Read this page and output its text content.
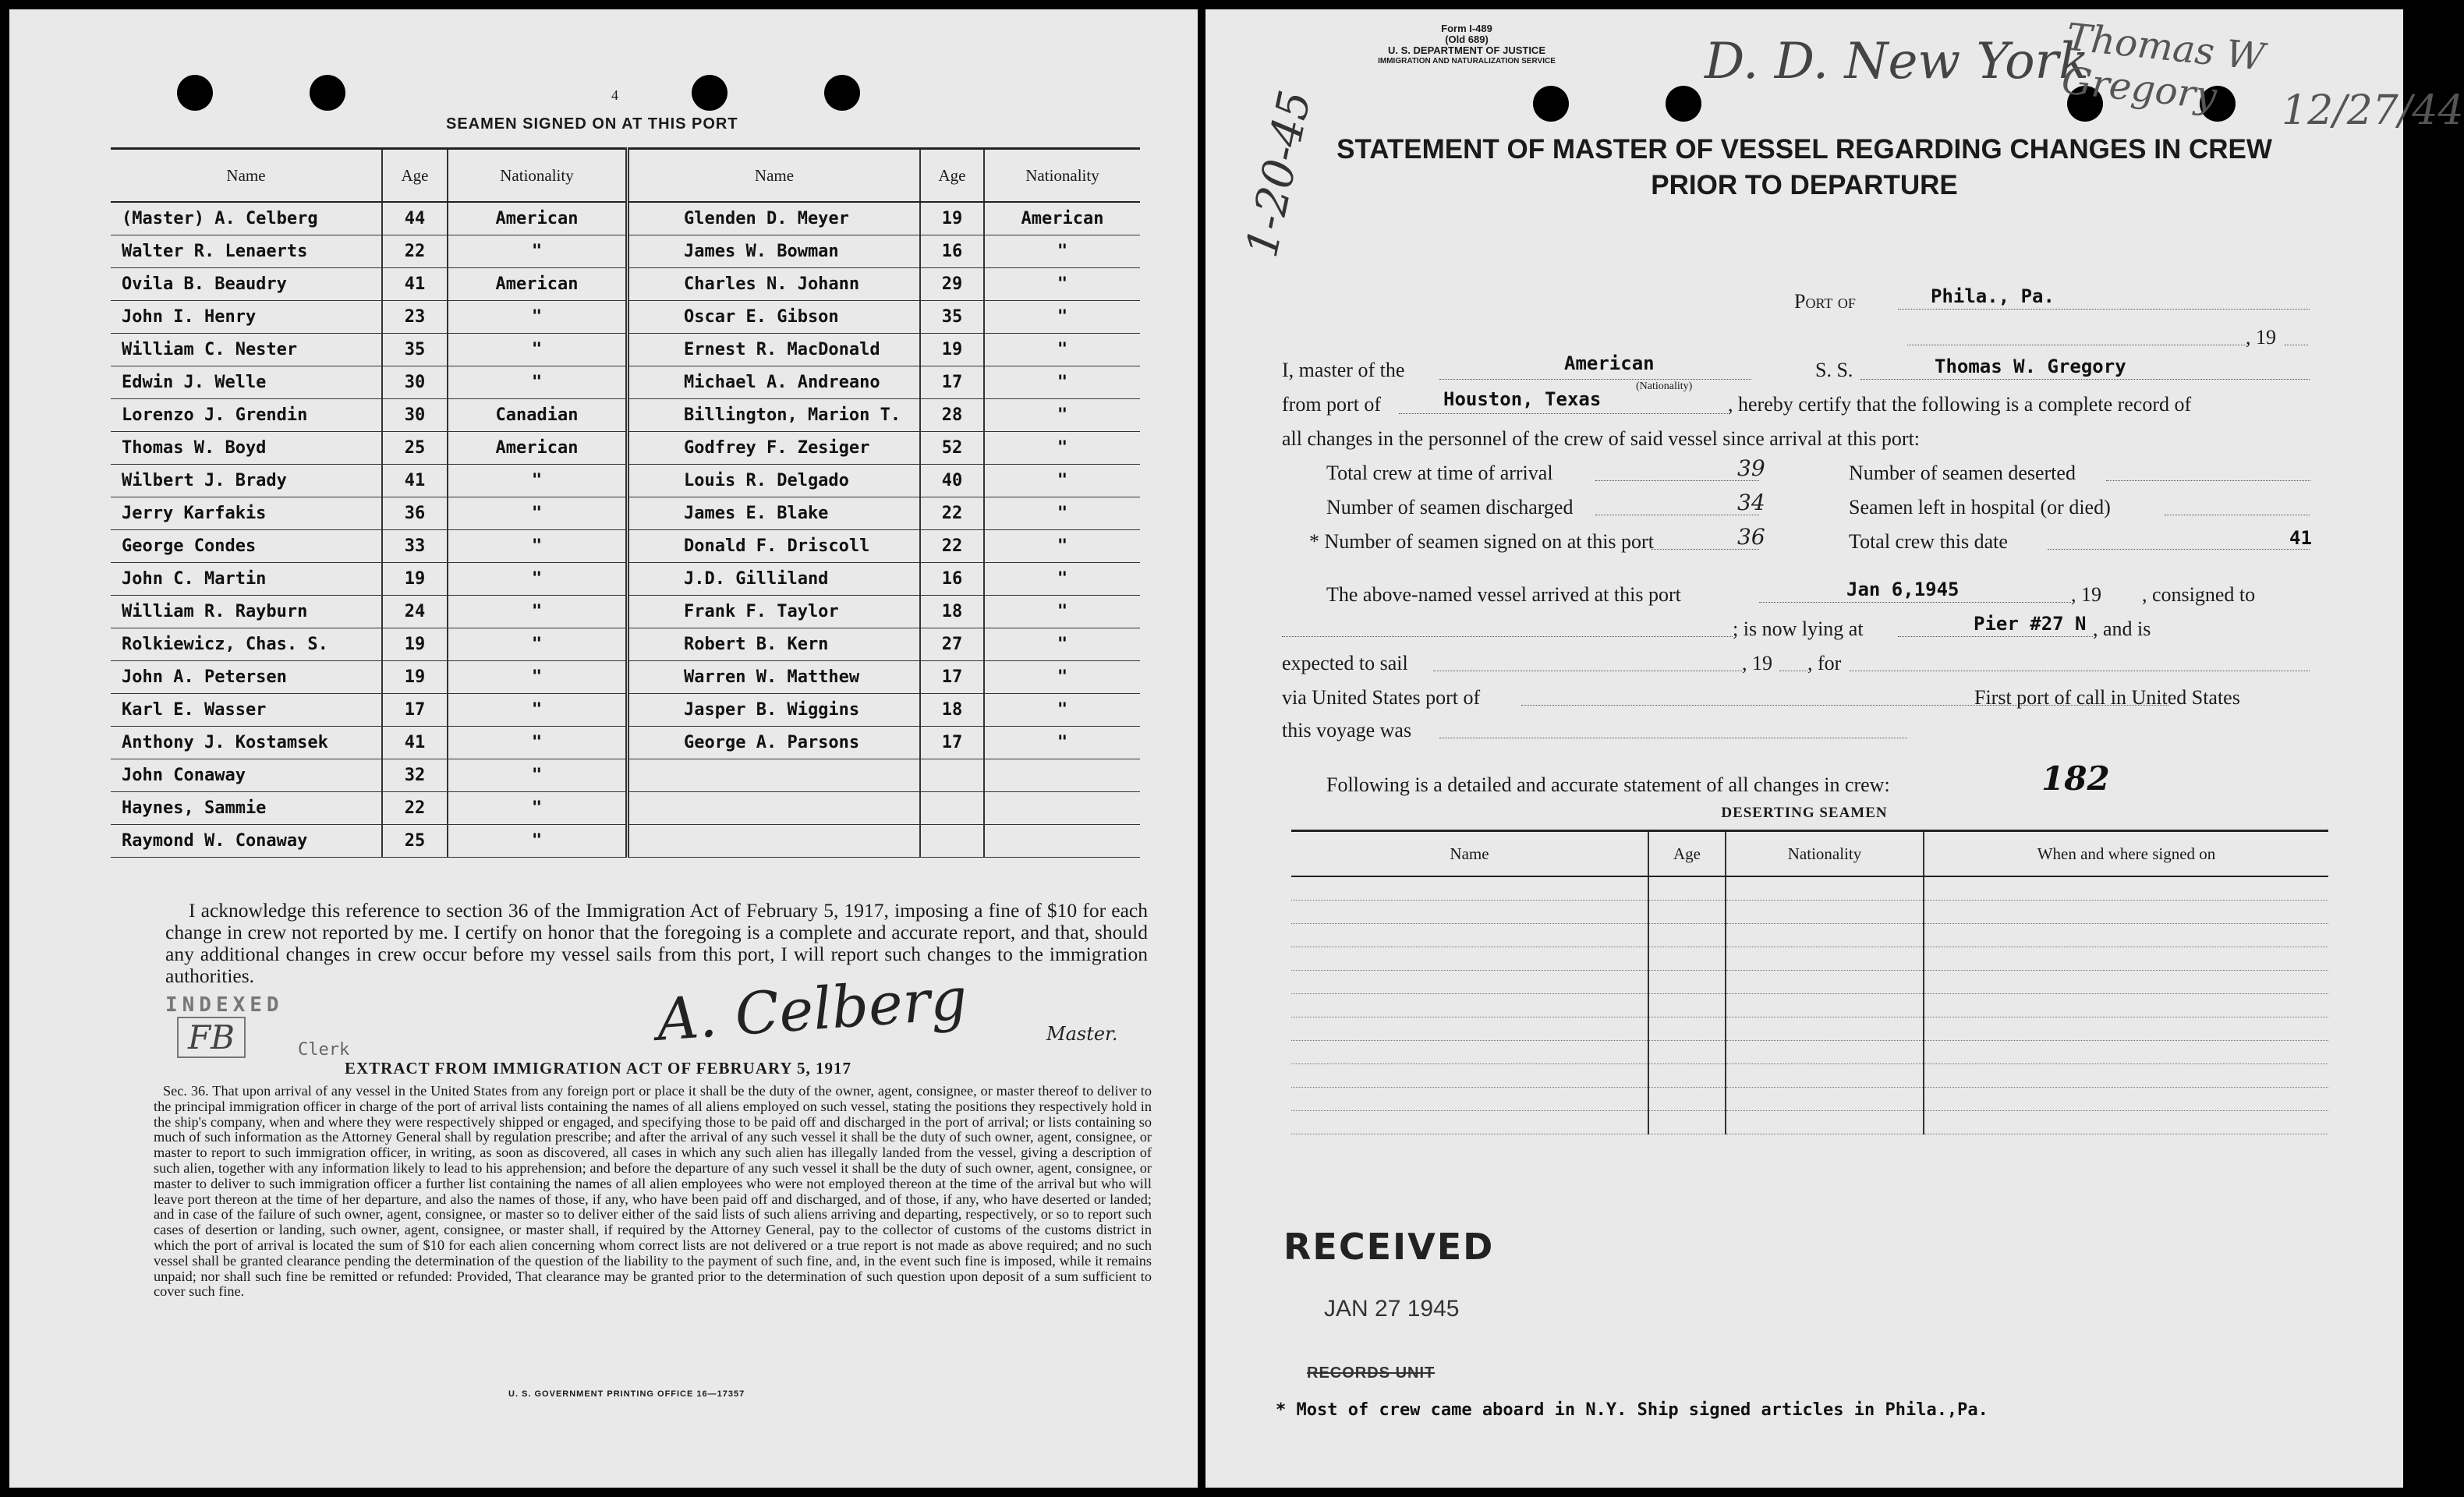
4
SEAMEN SIGNED ON AT THIS PORT
Name	Age	Nationality	Name	Age	Nationality
(Master) A. Celberg	44	American	Glenden D. Meyer	19	American
Walter R. Lenaerts	22	"	James W. Bowman	16	"
Ovila B. Beaudry	41	American	Charles N. Johann	29	"
John I. Henry	23	"	Oscar E. Gibson	35	"
William C. Nester	35	"	Ernest R. MacDonald	19	"
Edwin J. Welle	30	"	Michael A. Andreano	17	"
Lorenzo J. Grendin	30	Canadian	Billington, Marion T.	28	"
Thomas W. Boyd	25	American	Godfrey F. Zesiger	52	"
Wilbert J. Brady	41	"	Louis R. Delgado	40	"
Jerry Karfakis	36	"	James E. Blake	22	"
George Condes	33	"	Donald F. Driscoll	22	"
John C. Martin	19	"	J.D. Gilliland	16	"
William R. Rayburn	24	"	Frank F. Taylor	18	"
Rolkiewicz, Chas. S.	19	"	Robert B. Kern	27	"
John A. Petersen	19	"	Warren W. Matthew	17	"
Karl E. Wasser	17	"	Jasper B. Wiggins	18	"
Anthony J. Kostamsek	41	"	George A. Parsons	17	"
John Conaway	32	"			
Haynes, Sammie	22	"			
Raymond W. Conaway	25	"			
I acknowledge this reference to section 36 of the Immigration Act of February 5, 1917, imposing a fine of $10 for each change in crew not reported by me. I certify on honor that the foregoing is a complete and accurate report, and that, should any additional changes in crew occur before my vessel sails from this port, I will report such changes to the immigration authorities.
INDEXED
FB	Clerk	A. Celberg	Master.
EXTRACT FROM IMMIGRATION ACT OF FEBRUARY 5, 1917
Sec. 36. That upon arrival of any vessel in the United States from any foreign port or place it shall be the duty of the owner, agent, consignee, or master thereof to deliver to the principal immigration officer in charge of the port of arrival lists containing the names of all aliens employed on such vessel, stating the positions they respectively hold in the ship's company, when and where they were respectively shipped or engaged, and specifying those to be paid off and discharged in the port of arrival; or lists containing so much of such information as the Attorney General shall by regulation prescribe; and after the arrival of any such vessel it shall be the duty of such owner, agent, consignee, or master to report to such immigration officer, in writing, as soon as discovered, all cases in which any such alien has illegally landed from the vessel, giving a description of such alien, together with any information likely to lead to his apprehension; and before the departure of any such vessel it shall be the duty of such owner, agent, consignee, or master to deliver to such immigration officer a further list containing the names of all alien employees who were not employed thereon at the time of the arrival but who will leave port thereon at the time of her departure, and also the names of those, if any, who have been paid off and discharged, and of those, if any, who have deserted or landed; and in case of the failure of such owner, agent, consignee, or master so to deliver either of the said lists of such aliens arriving and departing, respectively, or so to report such cases of desertion or landing, such owner, agent, consignee, or master shall, if required by the Attorney General, pay to the collector of customs of the customs district in which the port of arrival is located the sum of $10 for each alien concerning whom correct lists are not delivered or a true report is not made as above required; and no such vessel shall be granted clearance pending the determination of the question of the liability to the payment of such fine, and, in the event such fine is imposed, while it remains unpaid; nor shall such fine be remitted or refunded: Provided, That clearance may be granted prior to the determination of such question upon deposit of a sum sufficient to cover such fine.
U. S. GOVERNMENT PRINTING OFFICE 16—17357
Form I-489
(Old 689)
U. S. DEPARTMENT OF JUSTICE
IMMIGRATION AND NATURALIZATION SERVICE	D. D. New York
Thomas W Gregory	12/27/44
1-20-45 STATEMENT OF MASTER OF VESSEL REGARDING CHANGES IN CREW
PRIOR TO DEPARTURE
Port of	Phila., Pa.
, 19
I, master of the	American
(Nationality)
S. S.	Thomas W. Gregory
from port of	Houston, Texas	, hereby certify that the following is a complete record of
all changes in the personnel of the crew of said vessel since arrival at this port:
Total crew at time of arrival	39
Number of seamen discharged	34
* Number of seamen signed on at this port	36
Number of seamen deserted
Seamen left in hospital (or died)
Total crew this date	41
The above-named vessel arrived at this port	Jan 6,1945	, 19        , consigned to
; is now lying at	Pier #27 N , and is
expected to sail	, 19 , for
via United States port of	First port of call in United States
this voyage was
Following is a detailed and accurate statement of all changes in crew:	182
DESERTING SEAMEN
Name	Age	Nationality	When and where signed on

RECEIVED
JAN 27 1945
RECORDS UNIT
* Most of crew came aboard in N.Y. Ship signed articles in Phila.,Pa.
